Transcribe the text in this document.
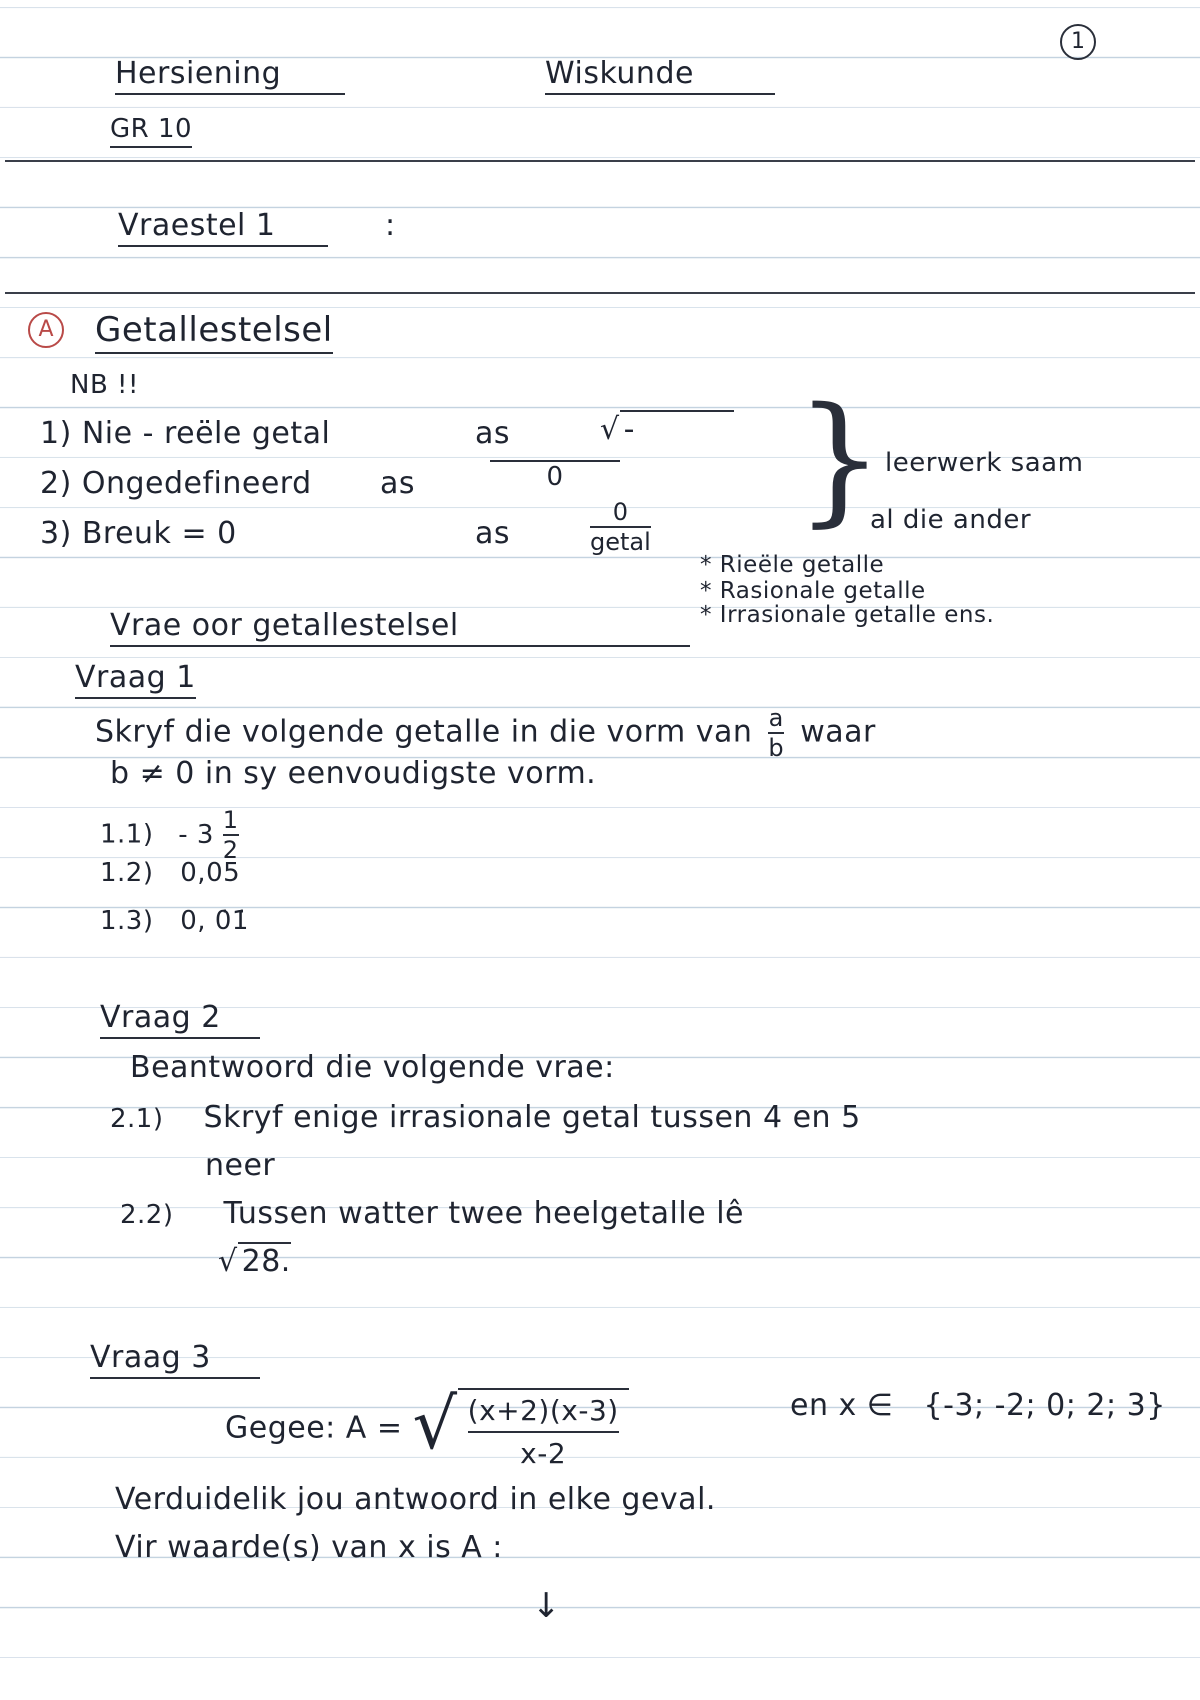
Hersiening
GR 10
Wiskunde
1
Vraestel 1	:
A	Getallestelsel
NB !!
1) Nie - reële getal	as	√ -
2) Ongedefineerd as	0
3) Breuk = 0	as	$\frac{0}{\text{getal}}$ } leerwerk saam
al die ander
* Rieële getalle
* Rasionale getalle
* Irrasionale getalle ens.
Vrae oor getallestelsel
Vraag 1
Skryf die volgende getalle in die vorm van $\frac{a}{b}$ waar
b ≠ 0 in sy eenvoudigste vorm.
$1.1) - 3 \frac{1}{2}$
1.2) 0,05
1.3) 0, 0̇1̇
Vraag 2
Beantwoord die volgende vrae:
2.1) Skryf enige irrasionale getal tussen 4 en 5
neer
2.2) Tussen watter twee heelgetalle lê
√ 28.
Vraag 3
Gegee: A = √ (x+2)(x-3)
x-2
en x ∈ {-3; -2; 0; 2; 3}
Verduidelik jou antwoord in elke geval.
Vir waarde(s) van x is A :
↓
